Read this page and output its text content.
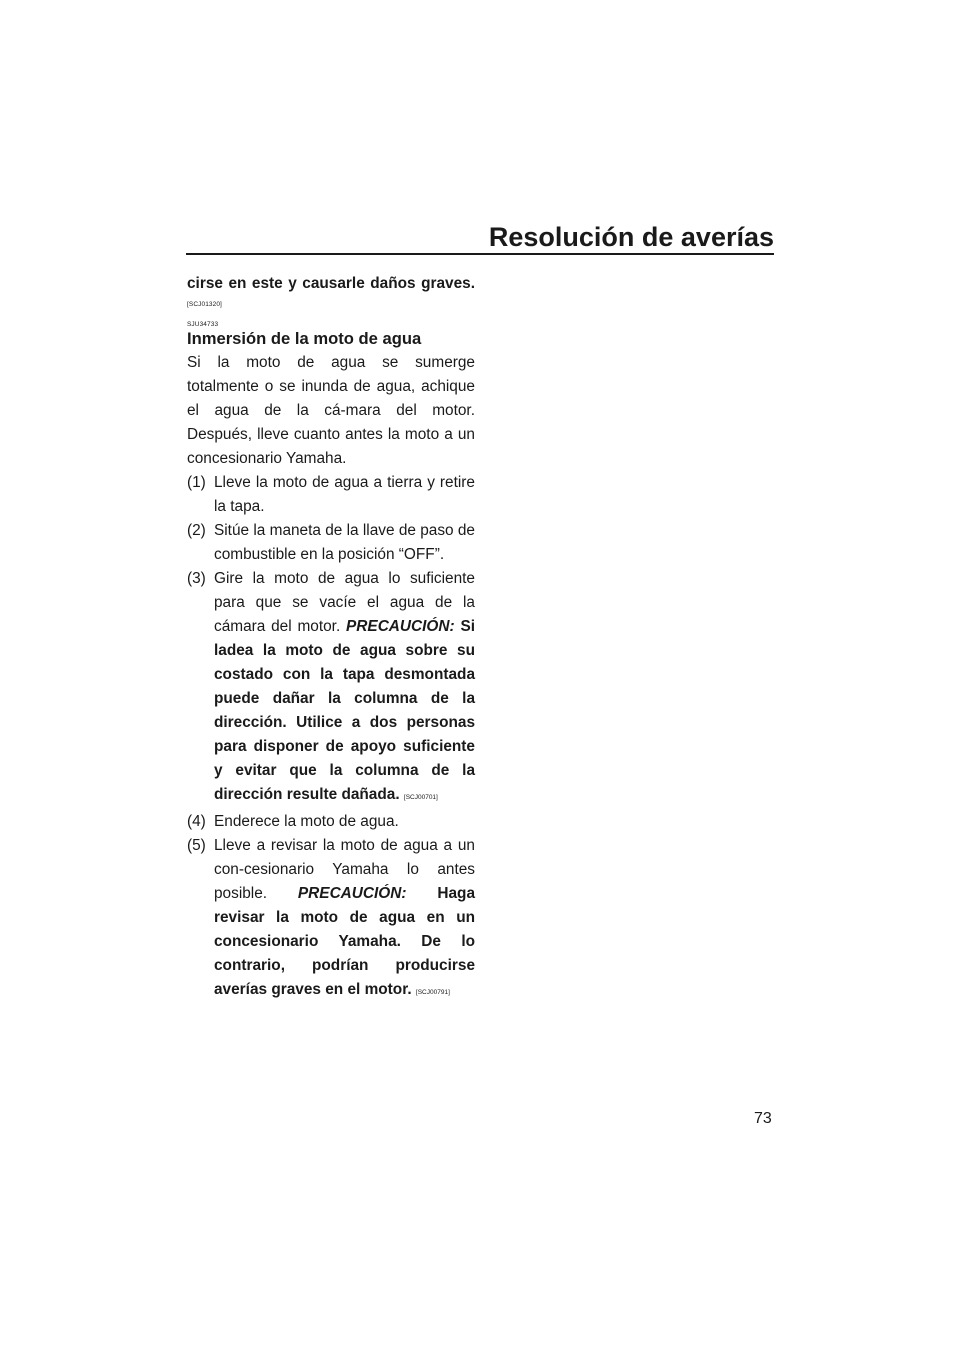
Resolución de averías
cirse en este y causarle daños graves.
[SCJ01320]
SJU34733
Inmersión de la moto de agua
Si la moto de agua se sumerge totalmente o se inunda de agua, achique el agua de la cá-mara del motor. Después, lleve cuanto antes la moto a un concesionario Yamaha.
(1) Lleve la moto de agua a tierra y retire la tapa.
(2) Sitúe la maneta de la llave de paso de combustible en la posición “OFF”.
(3) Gire la moto de agua lo suficiente para que se vacíe el agua de la cámara del motor. PRECAUCIÓN: Si ladea la moto de agua sobre su costado con la tapa desmontada puede dañar la columna de la dirección. Utilice a dos personas para disponer de apoyo suficiente y evitar que la columna de la dirección resulte dañada. [SCJ00701]
(4) Enderece la moto de agua.
(5) Lleve a revisar la moto de agua a un con-cesionario Yamaha lo antes posible. PRECAUCIÓN: Haga revisar la moto de agua en un concesionario Yamaha. De lo contrario, podrían producirse averías graves en el motor. [SCJ00791]
73
